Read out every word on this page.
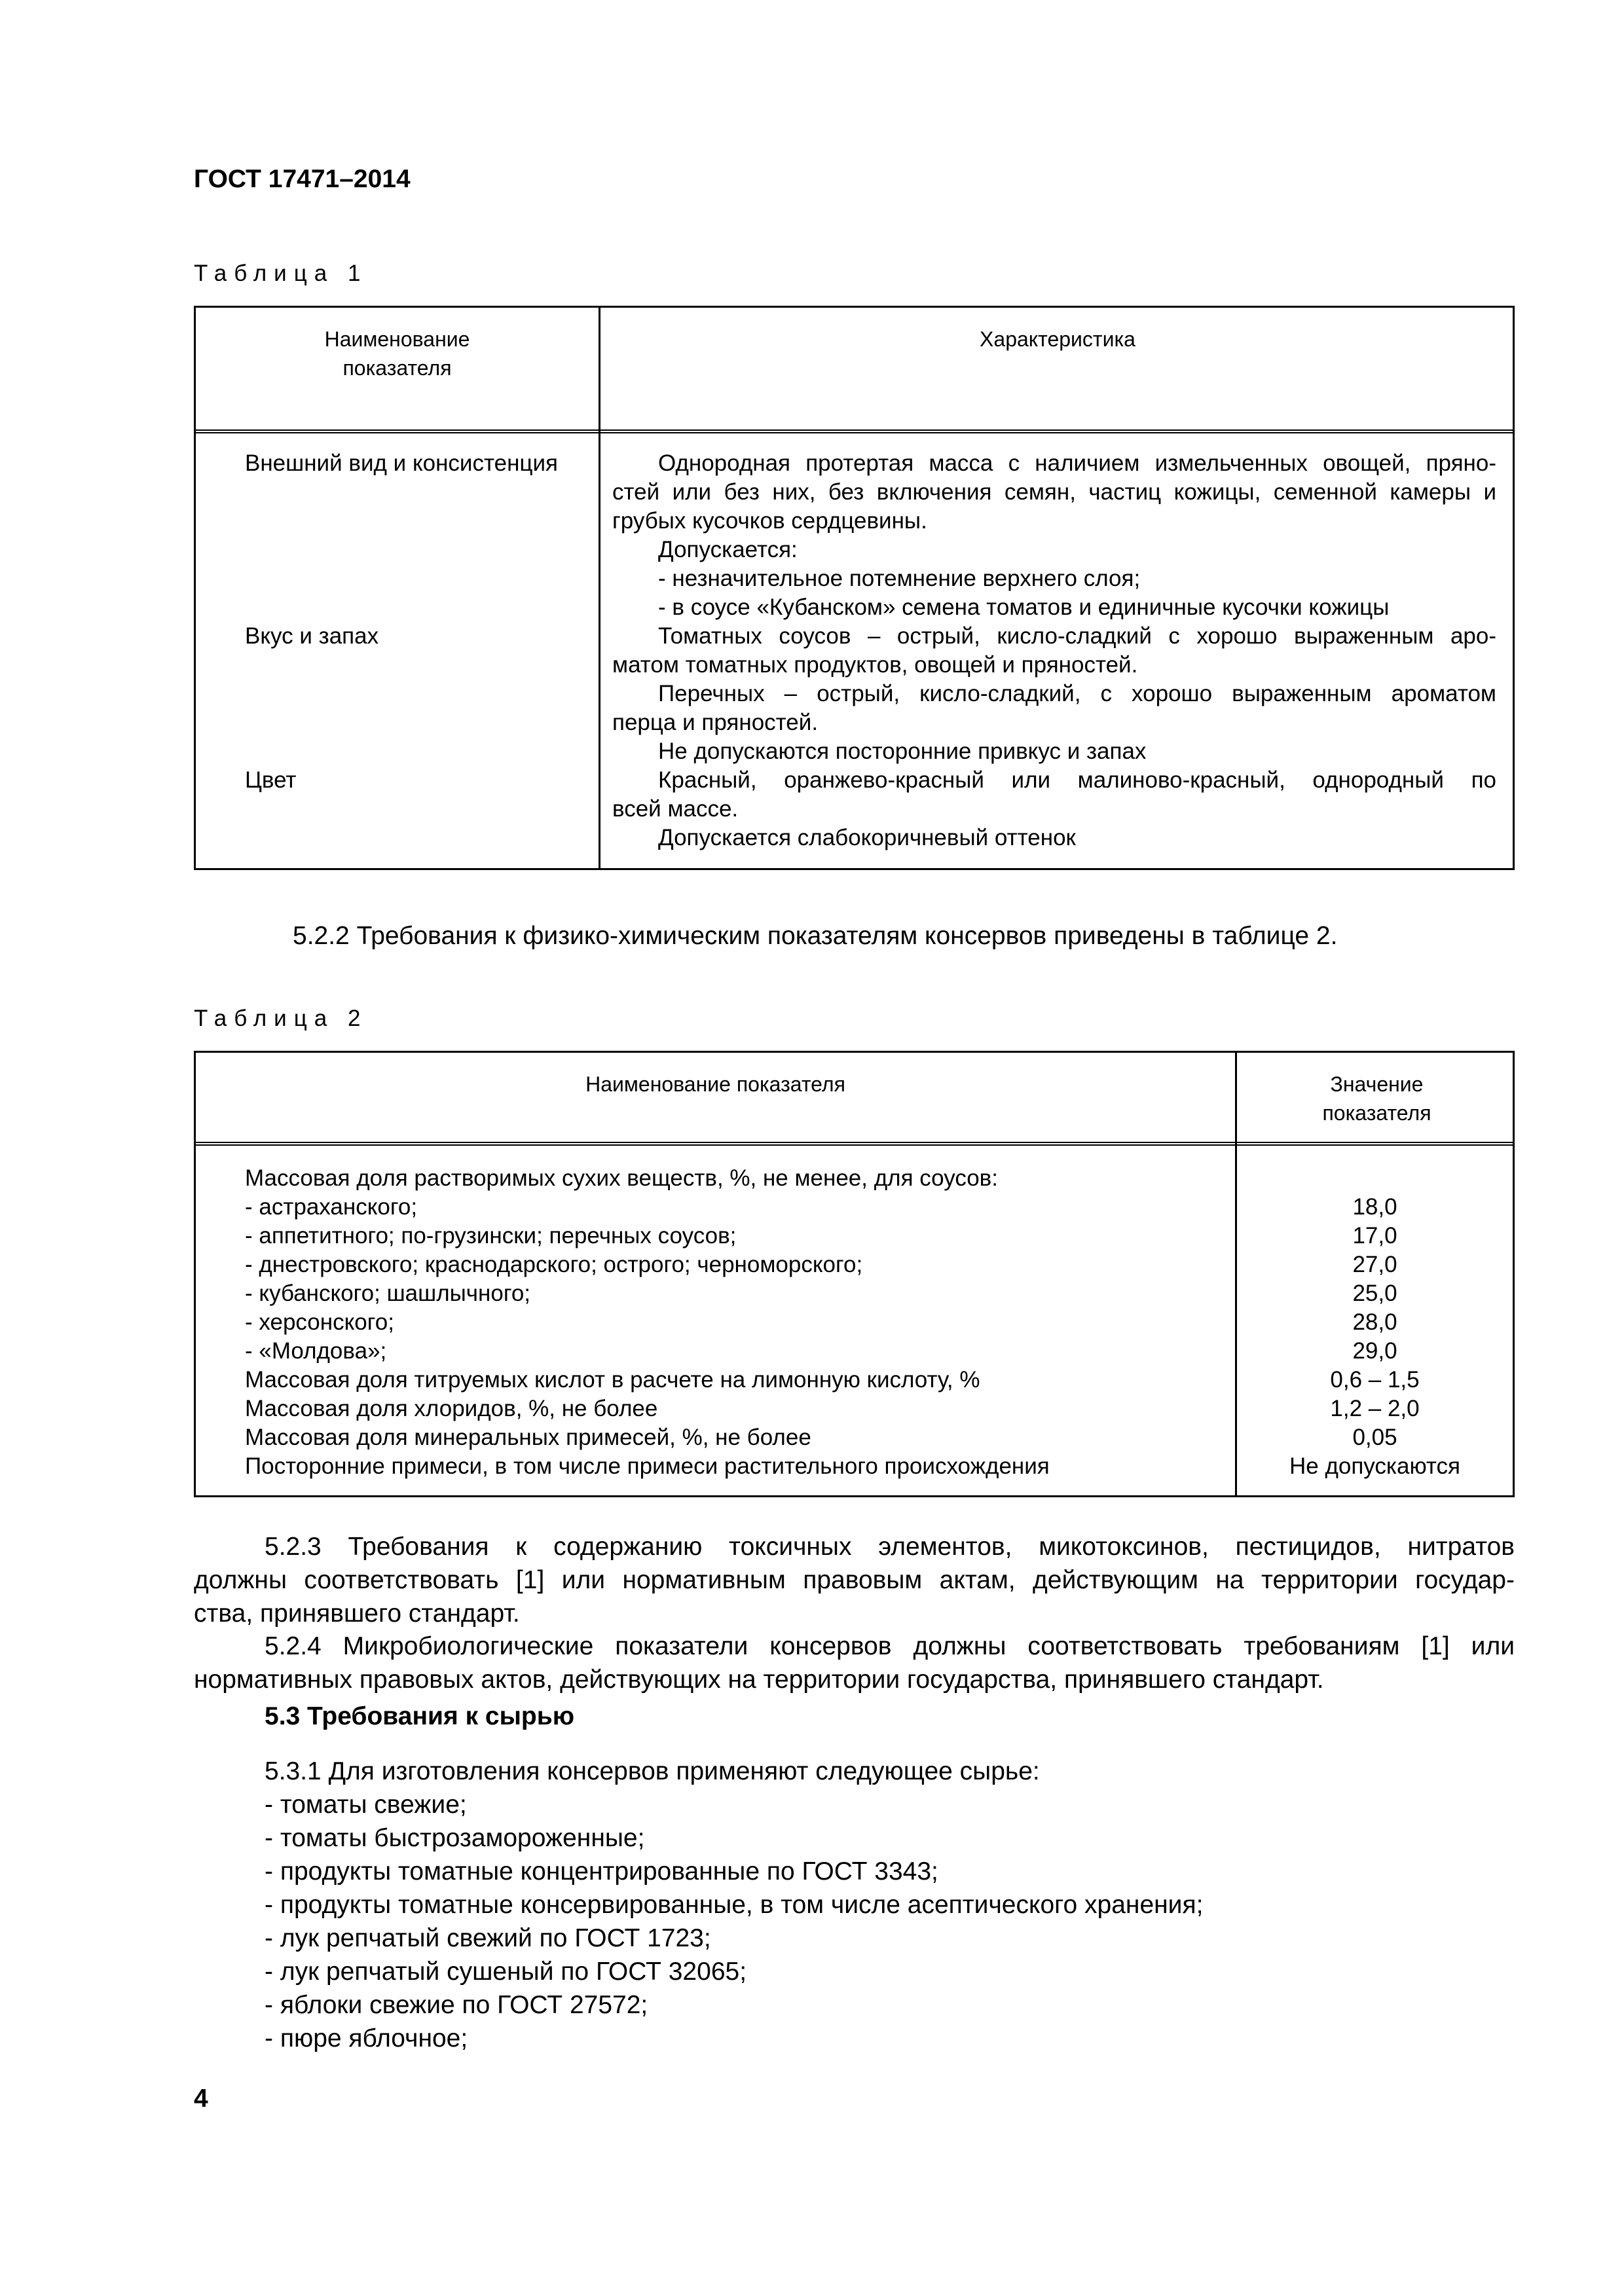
ГОСТ 17471–2014
Таблица 1
Наименование
показателя
Характеристика
Внешний вид и консистенция
Вкус и запах
Цвет
Однородная протертая масса с наличием измельченных овощей, пряно-
стей или без них, без включения семян, частиц кожицы, семенной камеры и
грубых кусочков сердцевины.
Допускается:
- незначительное потемнение верхнего слоя;
- в соусе «Кубанском» семена томатов и единичные кусочки кожицы
Томатных соусов – острый, кисло-сладкий с хорошо выраженным аро-
матом томатных продуктов, овощей и пряностей.
Перечных – острый, кисло-сладкий, с хорошо выраженным ароматом
перца и пряностей.
Не допускаются посторонние привкус и запах
Красный, оранжево-красный или малиново-красный, однородный по
всей массе.
Допускается слабокоричневый оттенок
5.2.2 Требования к физико-химическим показателям консервов приведены в таблице 2.
Таблица 2
Наименование показателя	Значение
показателя
Массовая доля растворимых сухих веществ, %, не менее, для соусов:
- астраханского;
- аппетитного; по-грузински; перечных соусов;
- днестровского; краснодарского; острого; черноморского;
- кубанского; шашлычного;
- херсонского;
- «Молдова»;
Массовая доля титруемых кислот в расчете на лимонную кислоту, %
Массовая доля хлоридов, %, не более
Массовая доля минеральных примесей, %, не более
Посторонние примеси, в том числе примеси растительного происхождения
18,0
17,0
27,0
25,0
28,0
29,0
0,6 – 1,5
1,2 – 2,0
0,05
Не допускаются
5.2.3 Требования к содержанию токсичных элементов, микотоксинов, пестицидов, нитратов
должны соответствовать [1] или нормативным правовым актам, действующим на территории государ-
ства, принявшего стандарт.
5.2.4 Микробиологические показатели консервов должны соответствовать требованиям [1] или
нормативных правовых актов, действующих на территории государства, принявшего стандарт.
5.3 Требования к сырью
5.3.1 Для изготовления консервов применяют следующее сырье:
- томаты свежие;
- томаты быстрозамороженные;
- продукты томатные концентрированные по ГОСТ 3343;
- продукты томатные консервированные, в том числе асептического хранения;
- лук репчатый свежий по ГОСТ 1723;
- лук репчатый сушеный по ГОСТ 32065;
- яблоки свежие по ГОСТ 27572;
- пюре яблочное;
4
